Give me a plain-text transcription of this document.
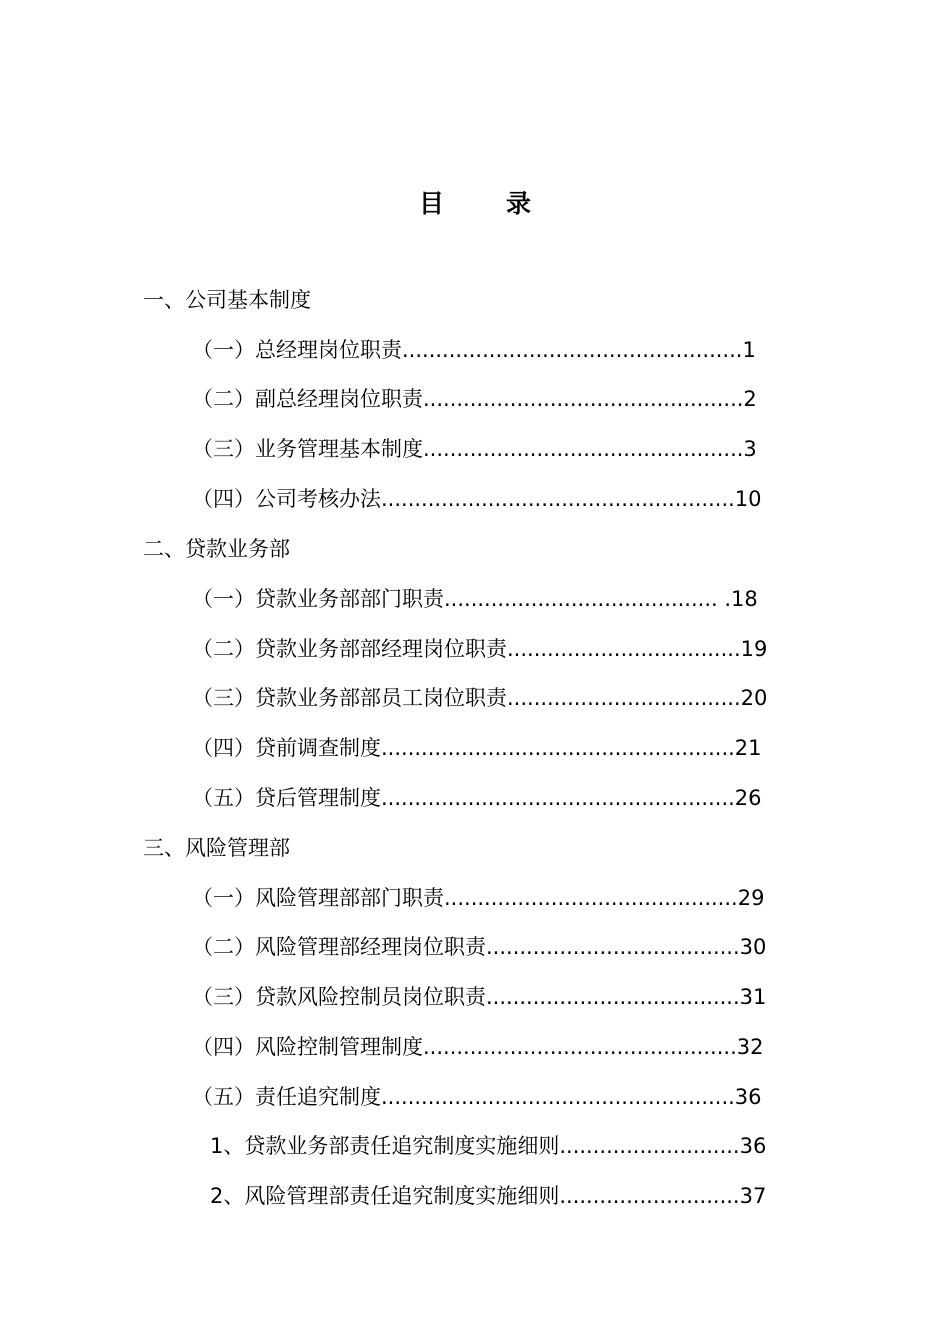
目 录
一、公司基本制度
（一）总经理岗位职责...................................................1
（二）副总经理岗位职责................................................2
（三）业务管理基本制度................................................3
（四）公司考核办法.....................................................10
二、贷款业务部
（一）贷款业务部部门职责......................................... .18
（二）贷款业务部部经理岗位职责...................................19
（三）贷款业务部部员工岗位职责...................................20
（四）贷前调查制度.....................................................21
（五）贷后管理制度.....................................................26
三、风险管理部
（一）风险管理部部门职责............................................29
（二）风险管理部经理岗位职责......................................30
（三）贷款风险控制员岗位职责......................................31
（四）风险控制管理制度...............................................32
（五）责任追究制度.....................................................36
1、贷款业务部责任追究制度实施细则...........................36
2、风险管理部责任追究制度实施细则...........................37
